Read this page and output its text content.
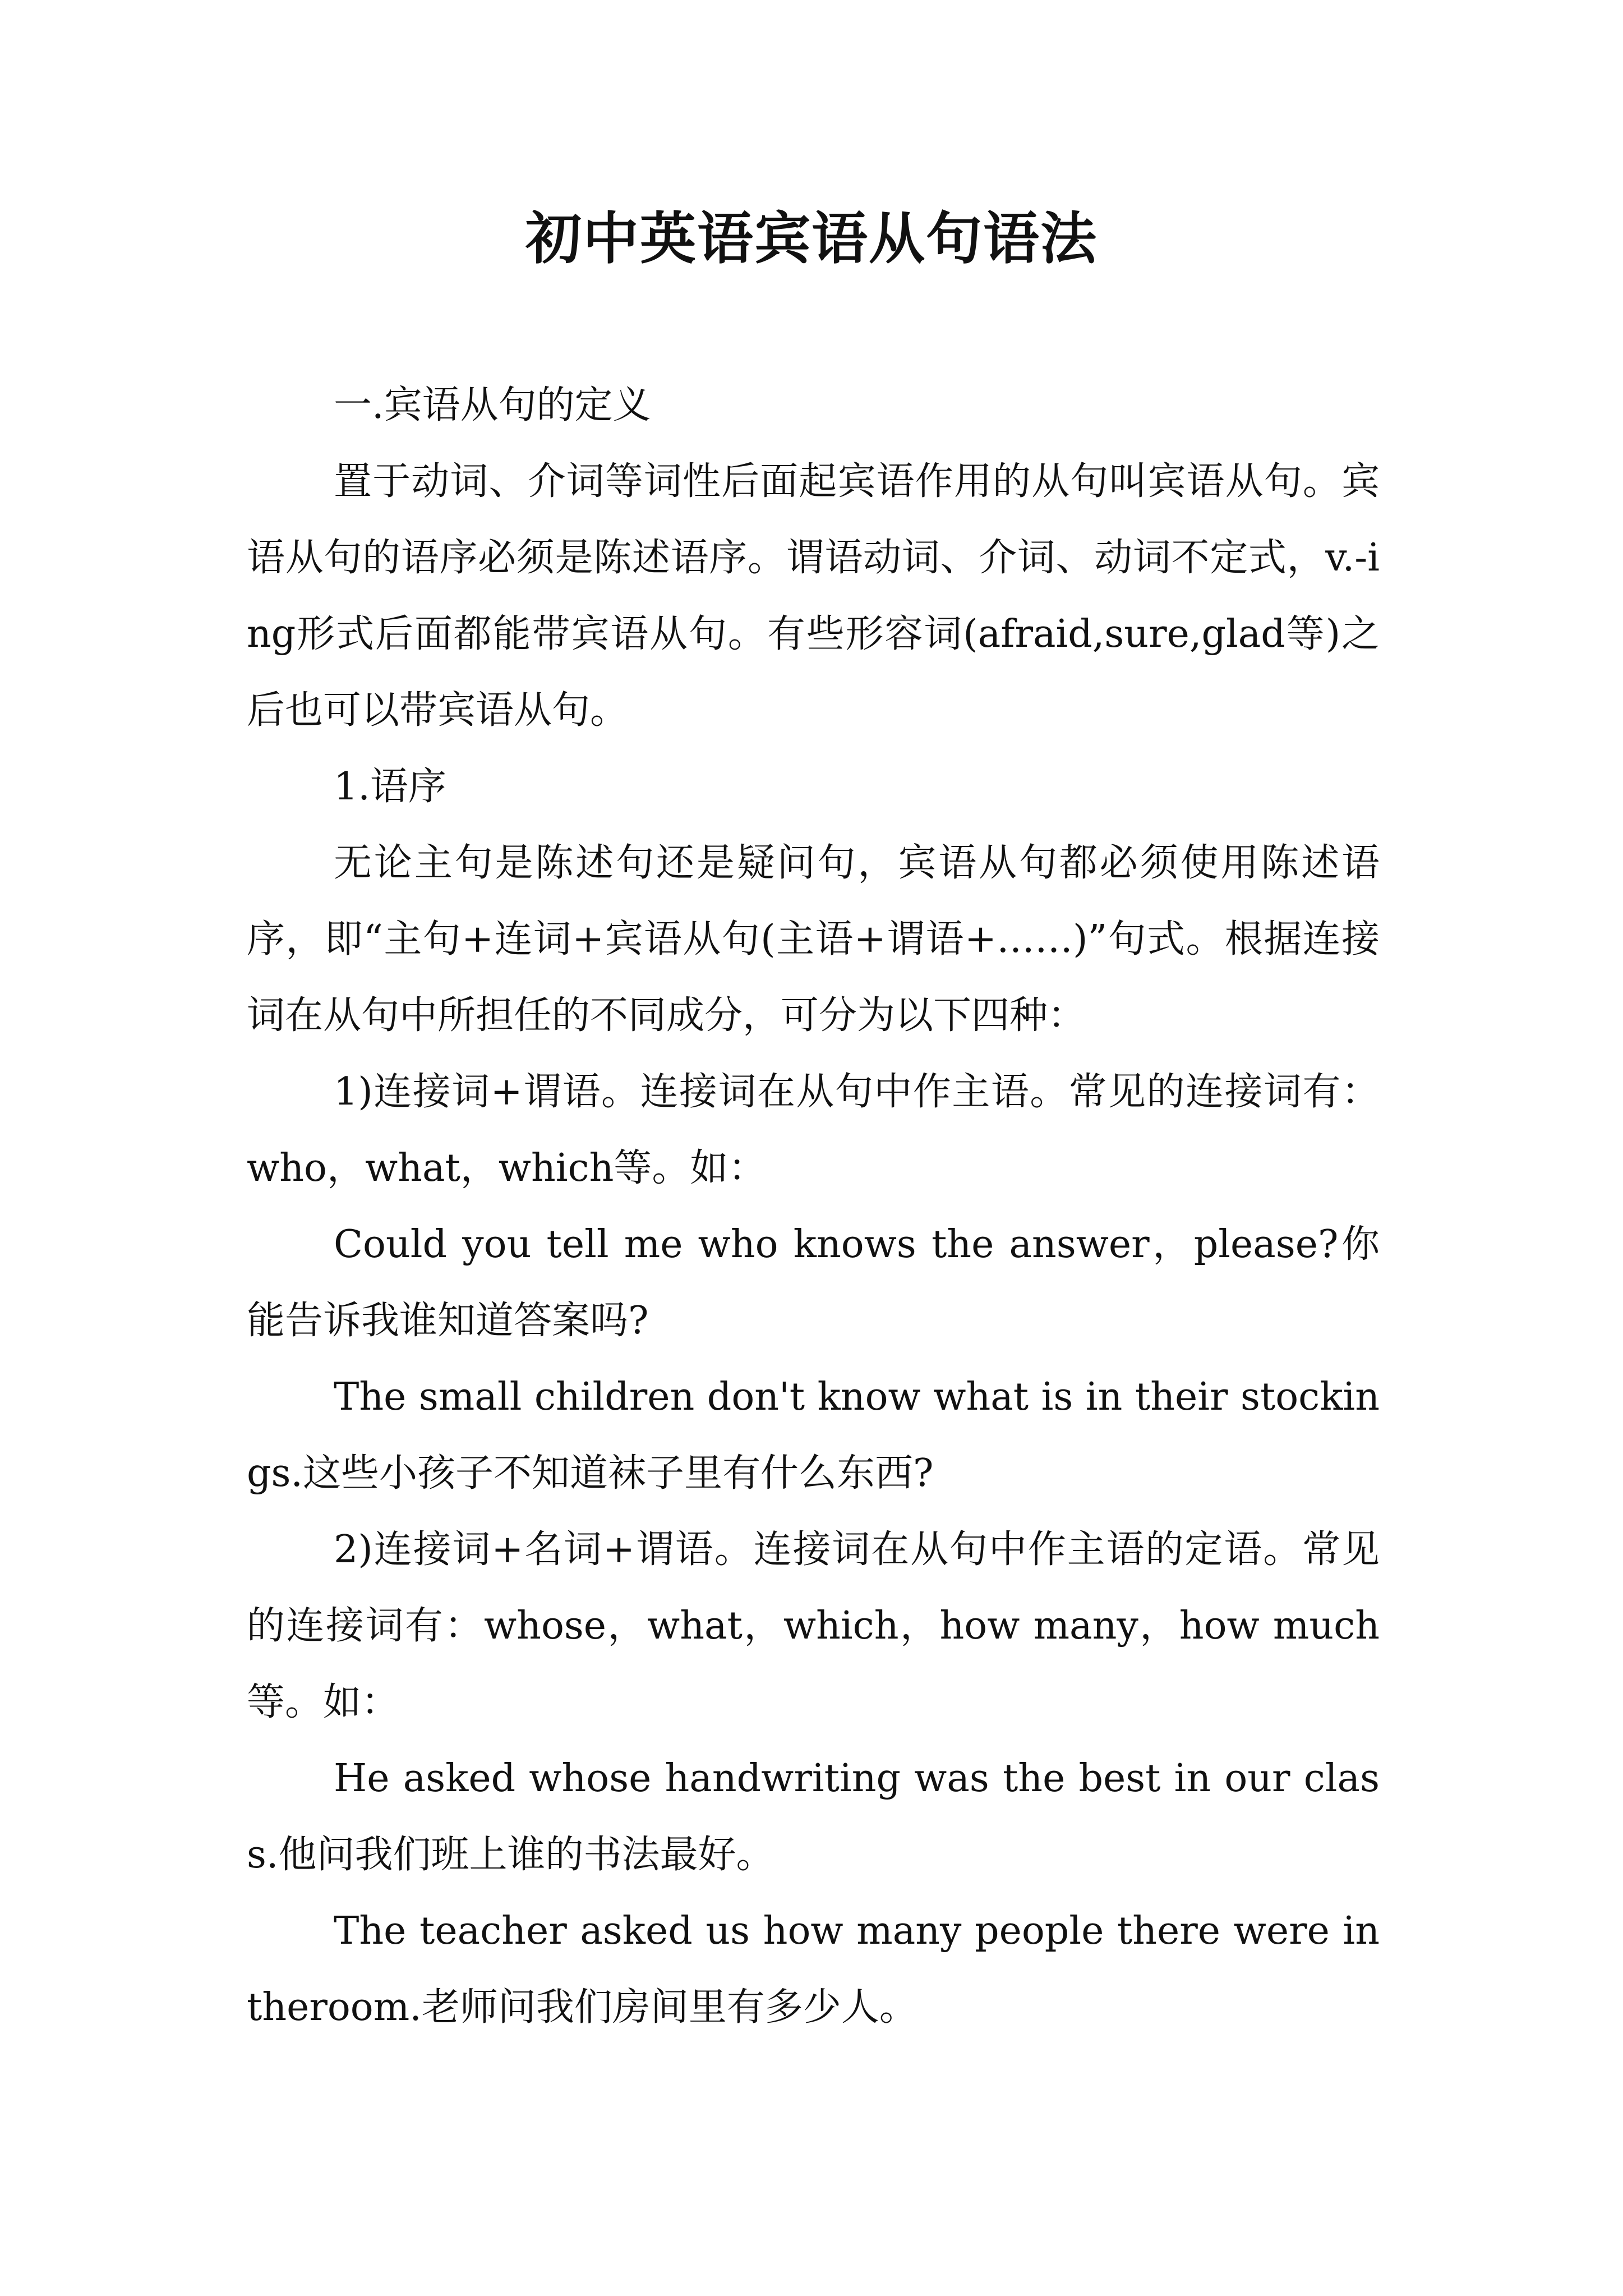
初中英语宾语从句语法

一.宾语从句的定义

置于动词、介词等词性后面起宾语作用的从句叫宾语从句。宾语从句的语序必须是陈述语序。谓语动词、介词、动词不定式，v.-ing形式后面都能带宾语从句。有些形容词(afraid,sure,glad等)之后也可以带宾语从句。

1.语序

无论主句是陈述句还是疑问句，宾语从句都必须使用陈述语序，即“主句+连词+宾语从句(主语+谓语+……)”句式。根据连接词在从句中所担任的不同成分，可分为以下四种：

1)连接词+谓语。连接词在从句中作主语。常见的连接词有： who，what，which等。如：

Could you tell me who knows the answer，please?你能告诉我谁知道答案吗?

The small children don't know what is in their stockings.这些小孩子不知道袜子里有什么东西?

2)连接词+名词+谓语。连接词在从句中作主语的定语。常见的连接词有：whose，what，which，how many，how much等。如：

He asked whose handwriting was the best in our class.他问我们班上谁的书法最好。

The teacher asked us how many people there were in theroom.老师问我们房间里有多少人。
